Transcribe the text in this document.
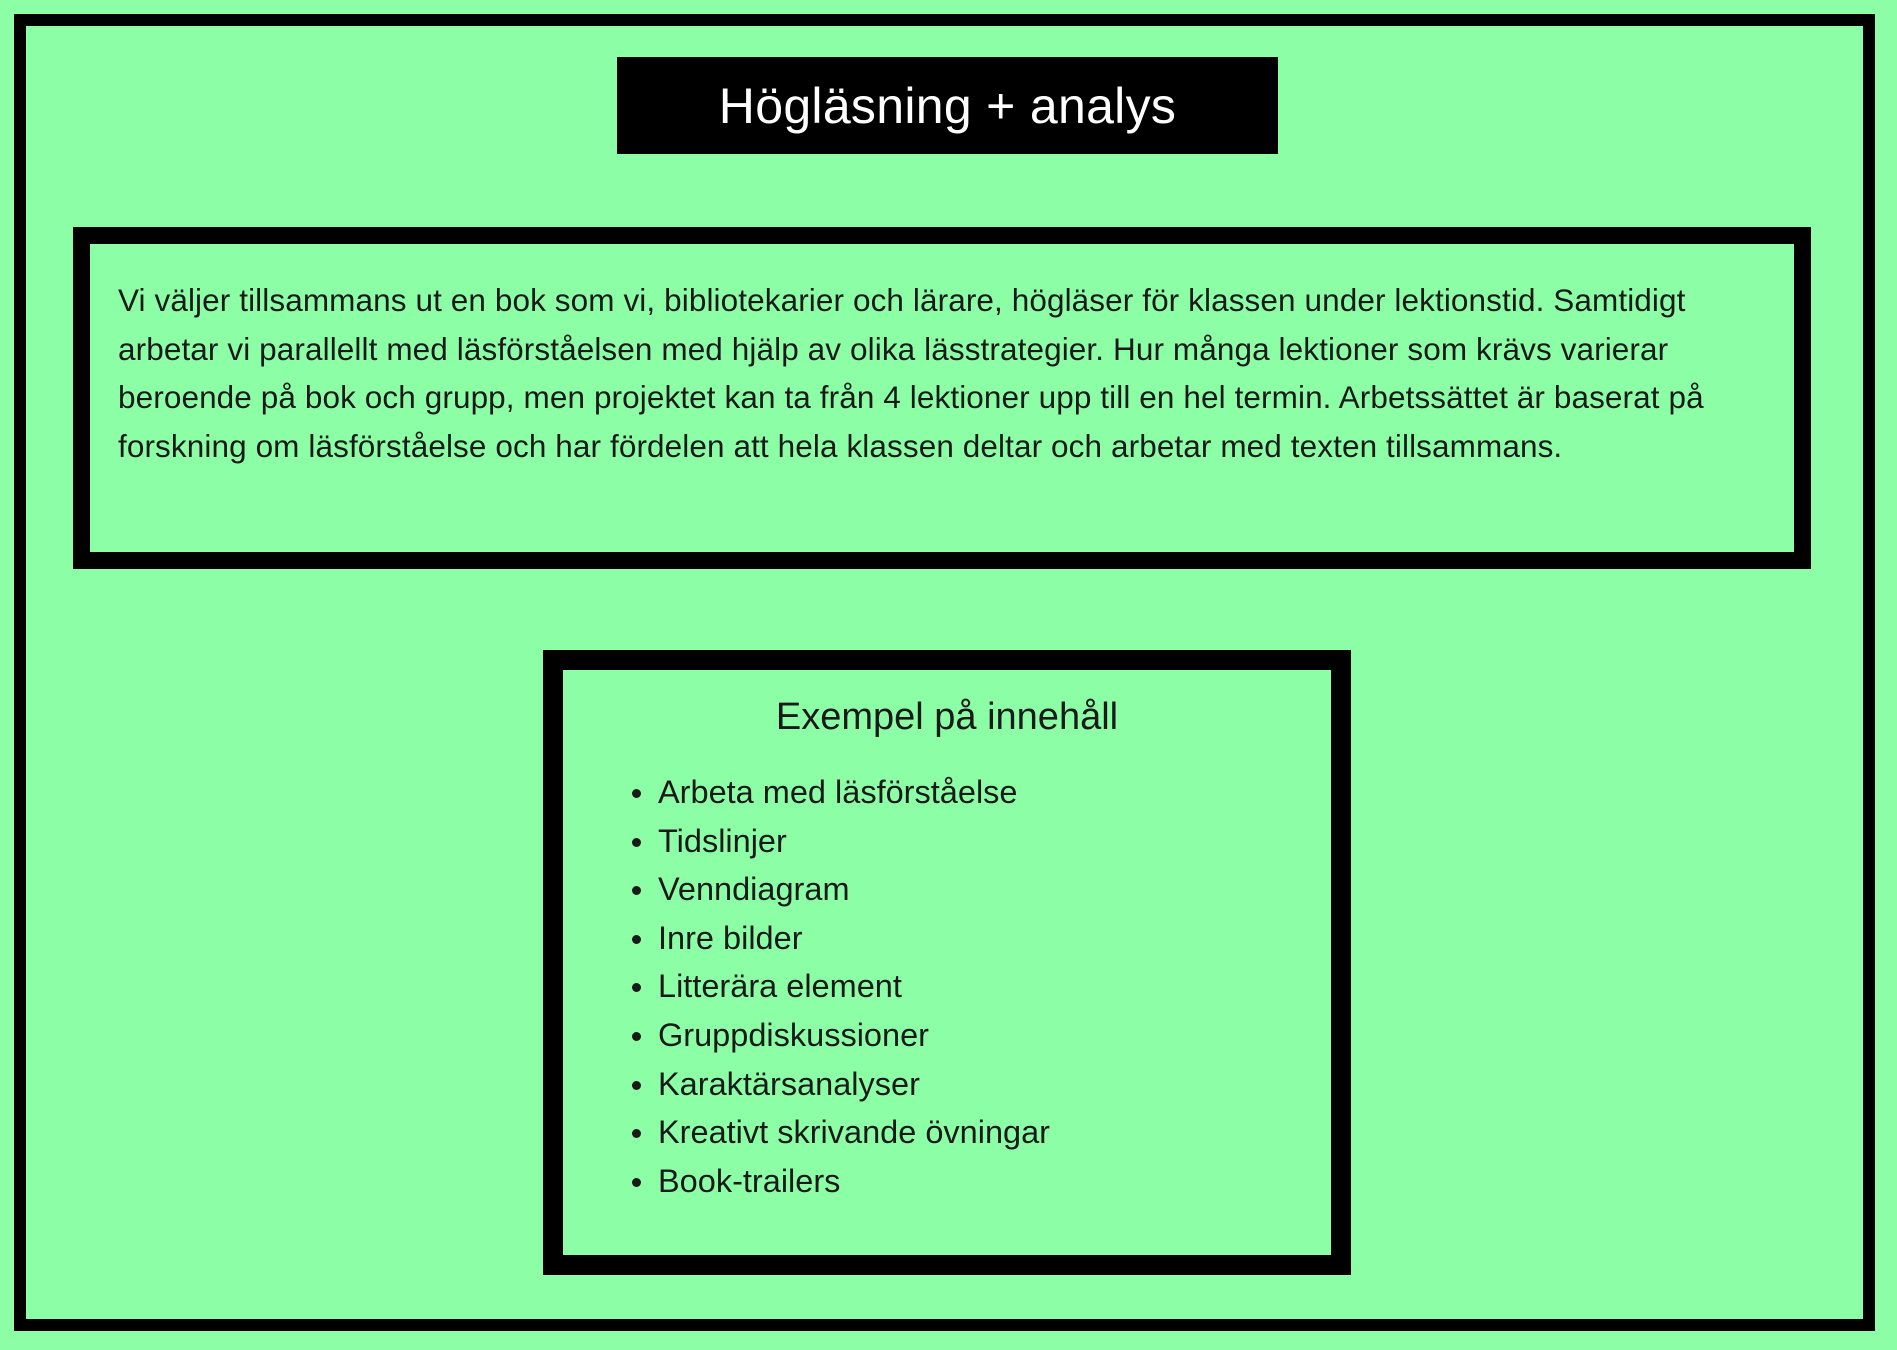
Högläsning + analys

Vi väljer tillsammans ut en bok som vi, bibliotekarier och lärare, högläser för klassen under lektionstid. Samtidigt arbetar vi parallellt med läsförståelsen med hjälp av olika lässtrategier. Hur många lektioner som krävs varierar beroende på bok och grupp, men projektet kan ta från 4 lektioner upp till en hel termin. Arbetssättet är baserat på forskning om läsförståelse och har fördelen att hela klassen deltar och arbetar med texten tillsammans.

Exempel på innehåll
Arbeta med läsförståelse
Tidslinjer
Venndiagram
Inre bilder
Litterära element
Gruppdiskussioner
Karaktärsanalyser
Kreativt skrivande övningar
Book-trailers
